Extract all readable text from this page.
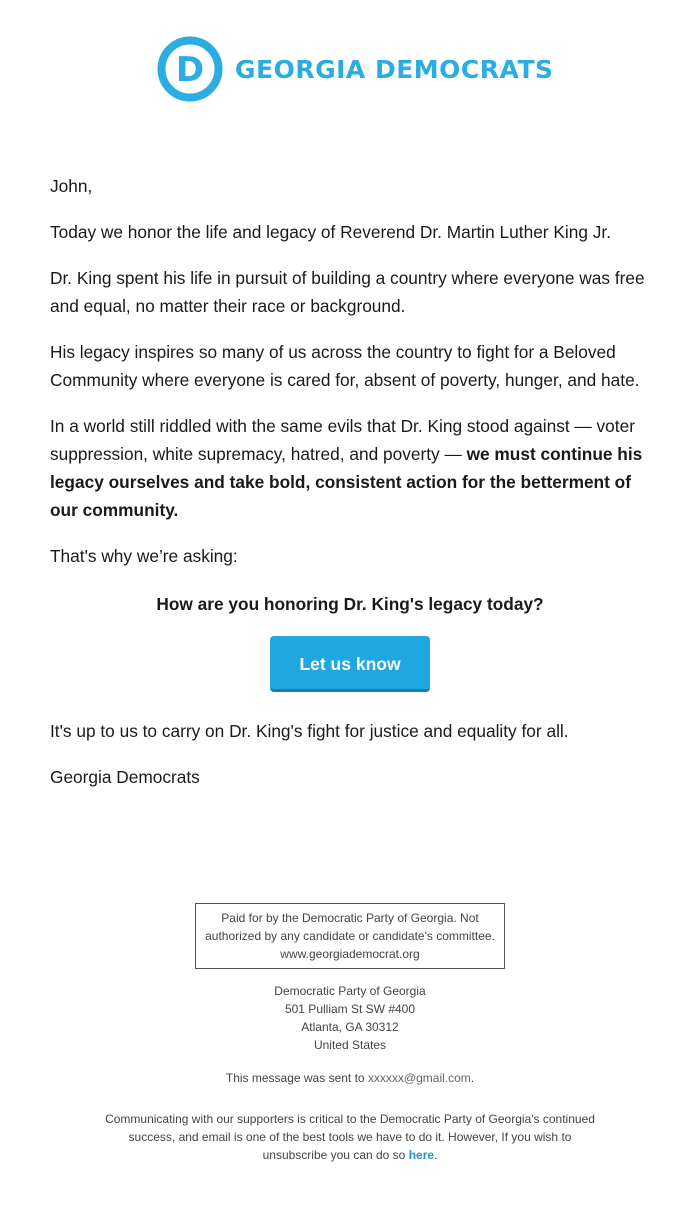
D GEORGIA DEMOCRATS

John,

Today we honor the life and legacy of Reverend Dr. Martin Luther King Jr.

Dr. King spent his life in pursuit of building a country where everyone was free and equal, no matter their race or background.

His legacy inspires so many of us across the country to fight for a Beloved Community where everyone is cared for, absent of poverty, hunger, and hate.

In a world still riddled with the same evils that Dr. King stood against — voter suppression, white supremacy, hatred, and poverty — we must continue his legacy ourselves and take bold, consistent action for the betterment of our community.

That's why we’re asking:

How are you honoring Dr. King's legacy today?

Let us know

It's up to us to carry on Dr. King's fight for justice and equality for all.

Georgia Democrats

Paid for by the Democratic Party of Georgia. Not
authorized by any candidate or candidate's committee.
www.georgiademocrat.org
Democratic Party of Georgia
501 Pulliam St SW #400
Atlanta, GA 30312
United States
This message was sent to xxxxxx@gmail.com.
Communicating with our supporters is critical to the Democratic Party of Georgia's continued success, and email is one of the best tools we have to do it. However, If you wish to unsubscribe you can do so here.
